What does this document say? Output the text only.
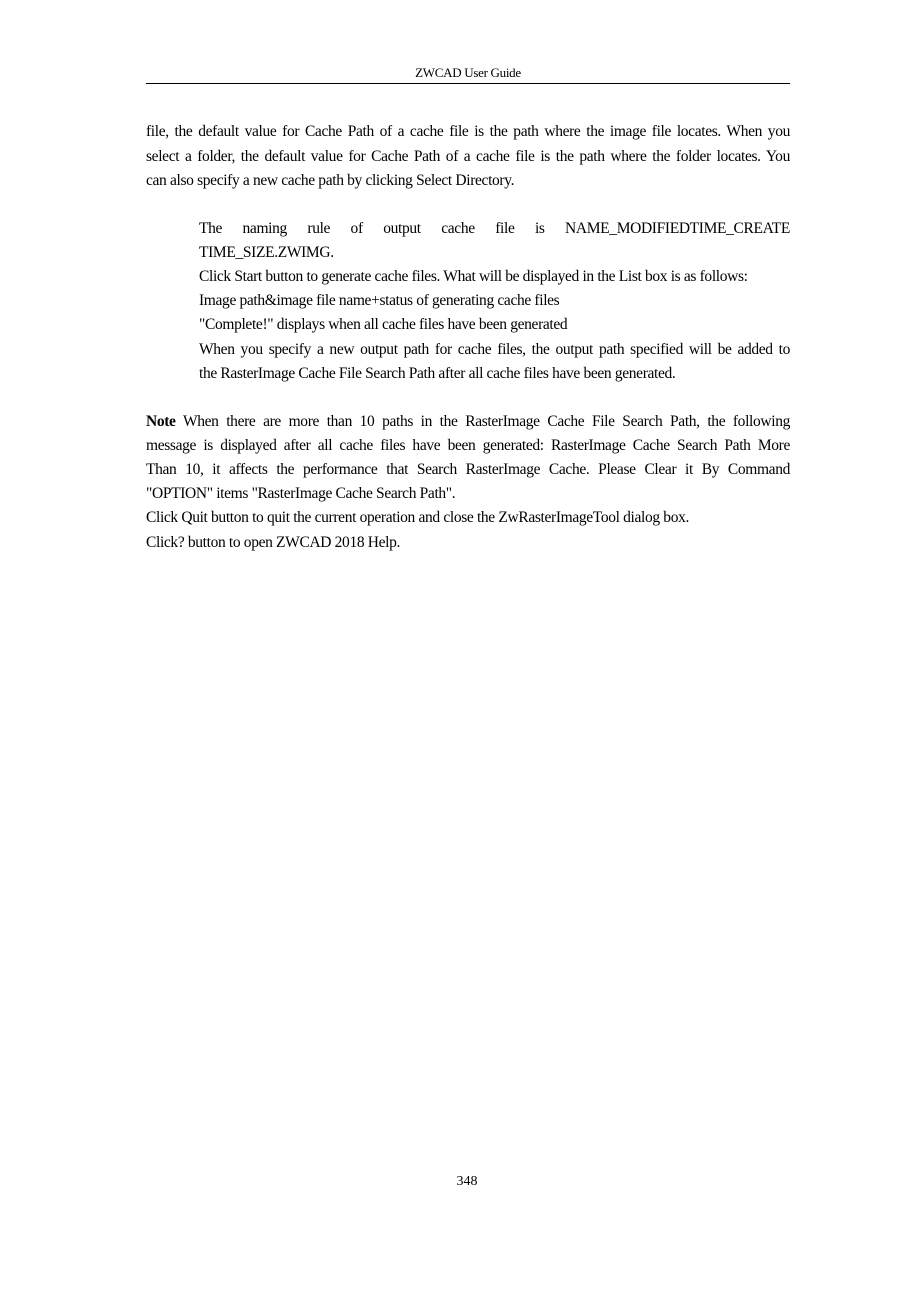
ZWCAD User Guide
file, the default value for Cache Path of a cache file is the path where the image file locates. When you
select a folder, the default value for Cache Path of a cache file is the path where the folder locates. You
can also specify a new cache path by clicking Select Directory.
The naming rule of output cache file is NAME_MODIFIEDTIME_CREATE
TIME_SIZE.ZWIMG.
Click Start button to generate cache files. What will be displayed in the List box is as follows:
Image path&image file name+status of generating cache files
"Complete!" displays when all cache files have been generated
When you specify a new output path for cache files, the output path specified will be added to
the RasterImage Cache File Search Path after all cache files have been generated.
Note When there are more than 10 paths in the RasterImage Cache File Search Path, the following
message is displayed after all cache files have been generated: RasterImage Cache Search Path More
Than 10, it affects the performance that Search RasterImage Cache. Please Clear it By Command
"OPTION" items "RasterImage Cache Search Path".
Click Quit button to quit the current operation and close the ZwRasterImageTool dialog box.
Click? button to open ZWCAD 2018 Help.
348
